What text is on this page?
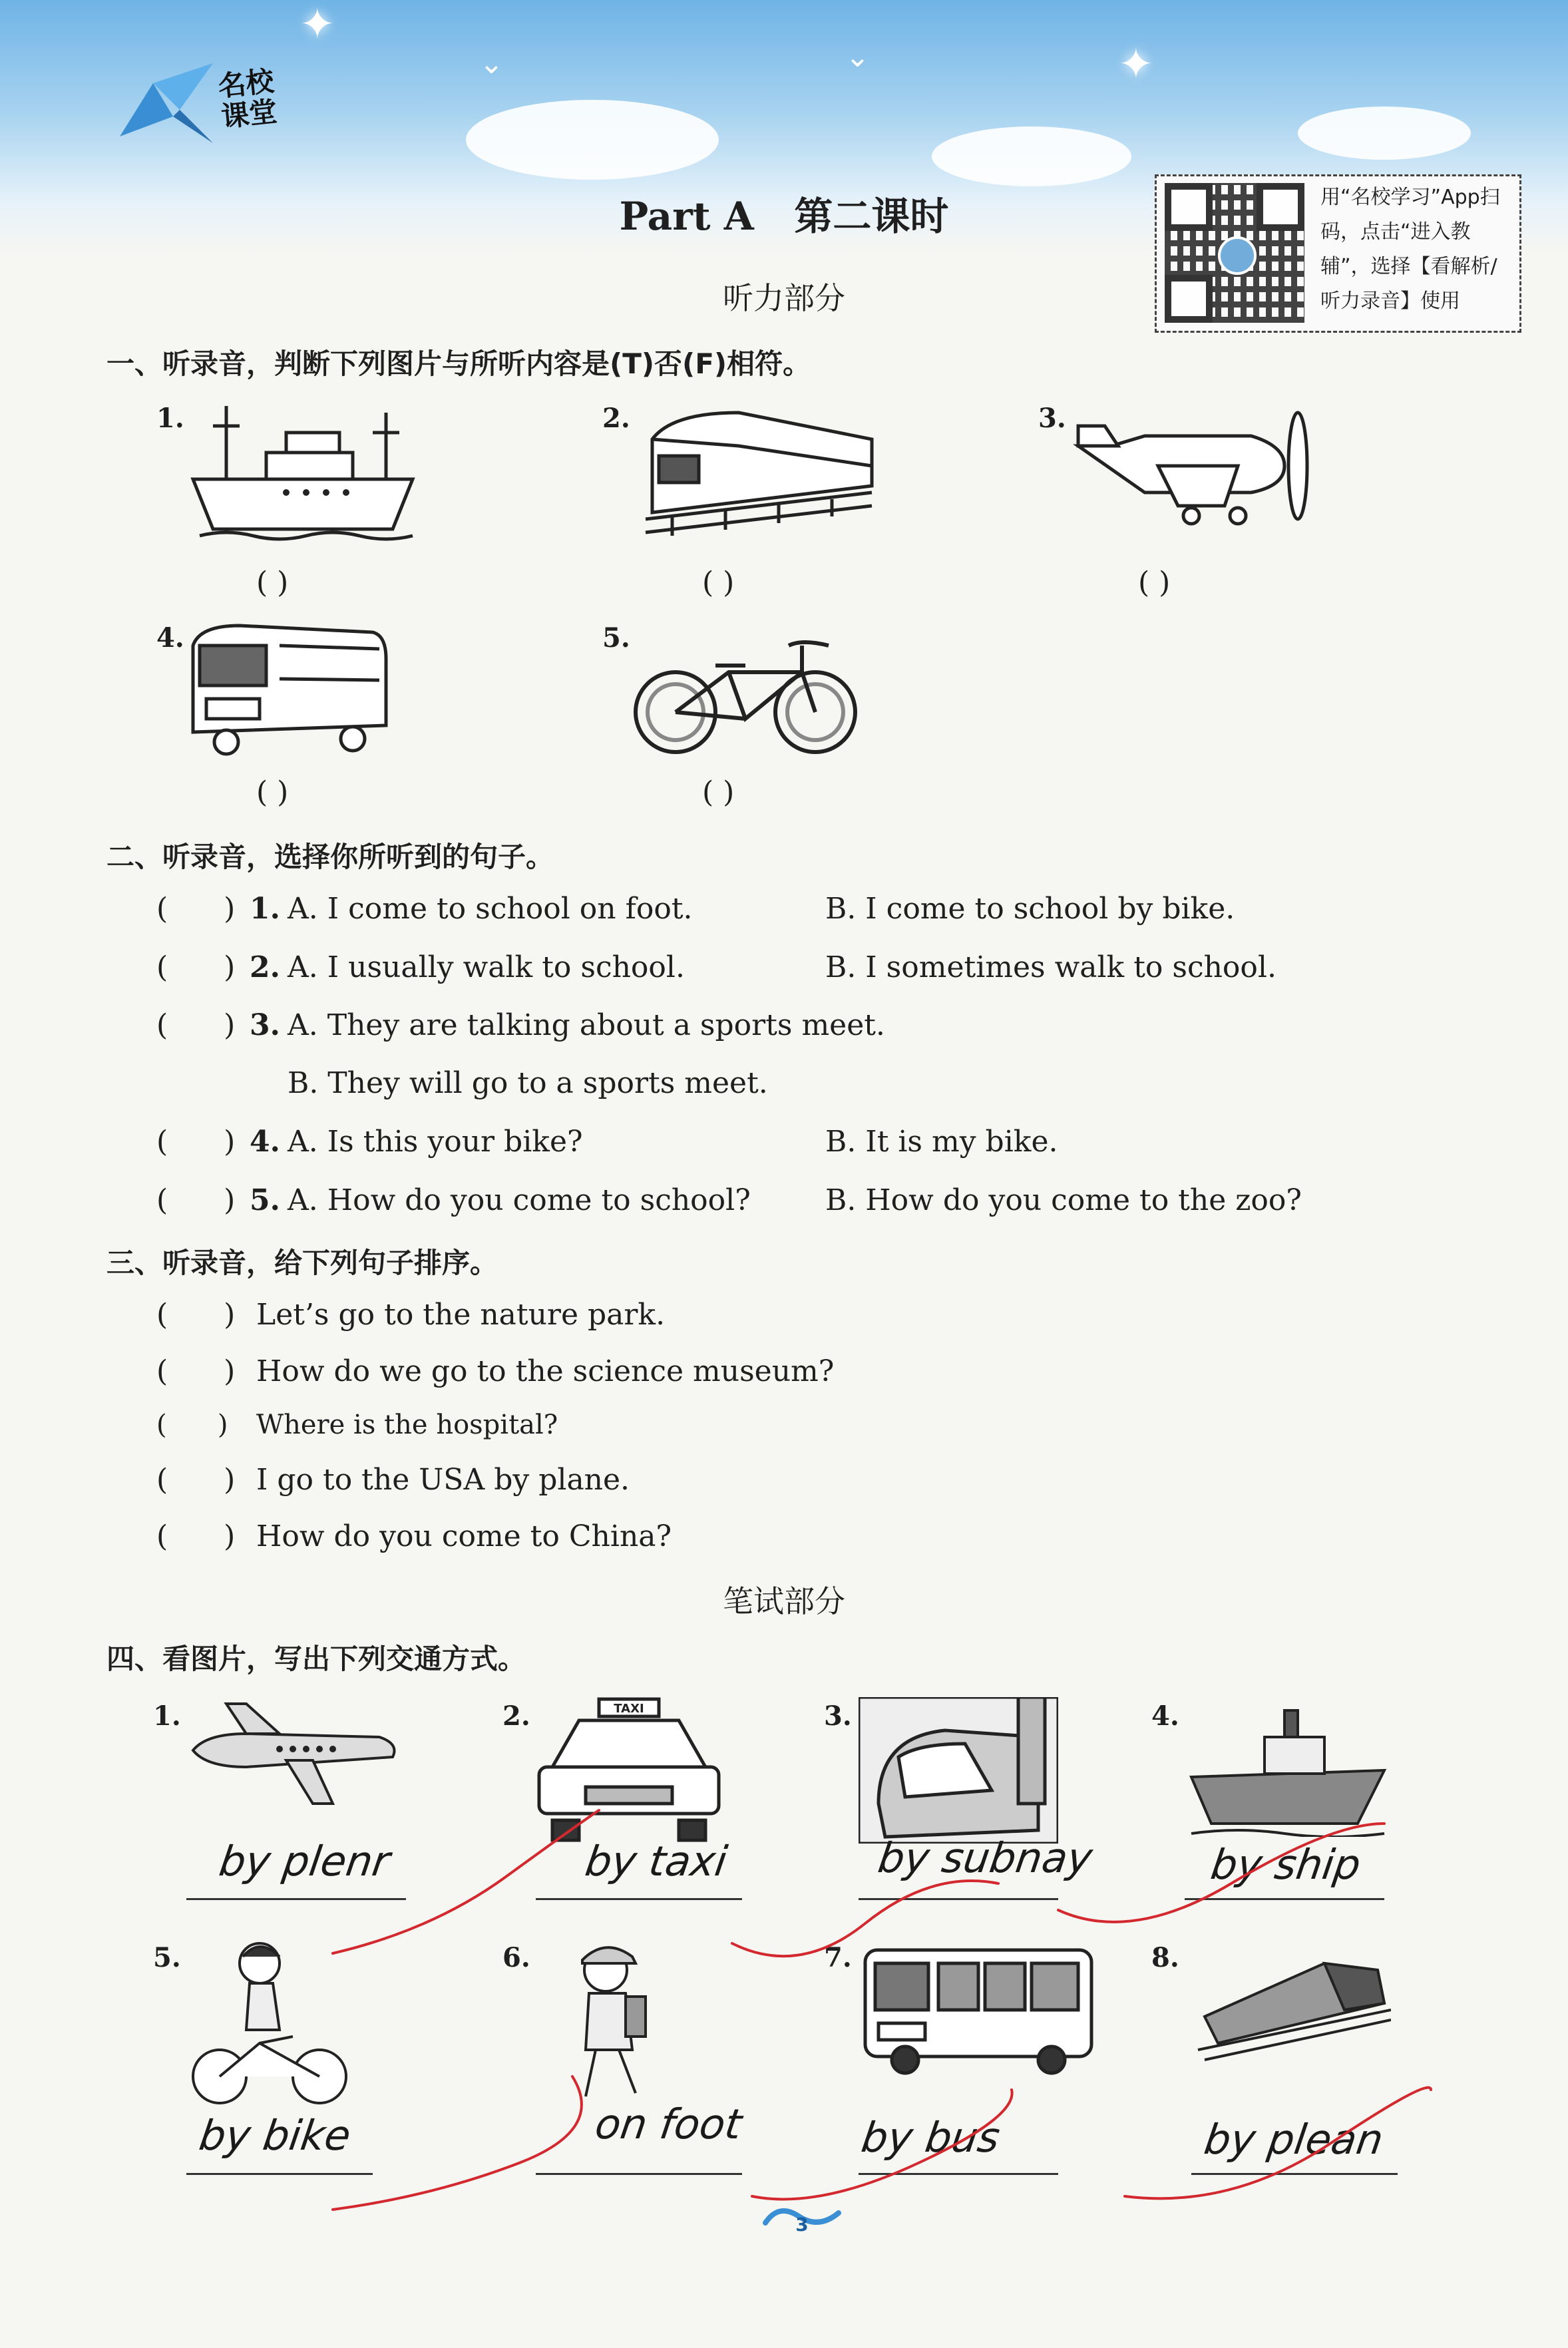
✦
✦
⌄	⌄
名校
课堂
Part A   第二课时	用“名校学习”App扫码，点击“进入教辅”，选择【看解析/听力录音】使用
听力部分
一、听录音，判断下列图片与所听内容是(T)否(F)相符。
1.
( )
2.
( )
3.
( )
4.
( )
5.
( )
二、听录音，选择你所听到的句子。
(      ) 1. A. I come to school on foot.	B. I come to school by bike.
(      ) 2. A. I usually walk to school.	B. I sometimes walk to school.
(      ) 3. A. They are talking about a sports meet.
B. They will go to a sports meet.
(      ) 4. A. Is this your bike?	B. It is my bike.
(      ) 5. A. How do you come to school?	B. How do you come to the zoo?
三、听录音，给下列句子排序。
(      ) Let’s go to the nature park.
(      ) How do we go to the science museum?
(      ) Where is the hospital?
(      ) I go to the USA by plane.
(      ) How do you come to China?
笔试部分
四、看图片，写出下列交通方式。
1.
by plenr
2.	TAXI
by taxi
3.
by subnay
4.
by ship
5.
by bike
6.
on foot
7.
by bus
8.
by plean
3
